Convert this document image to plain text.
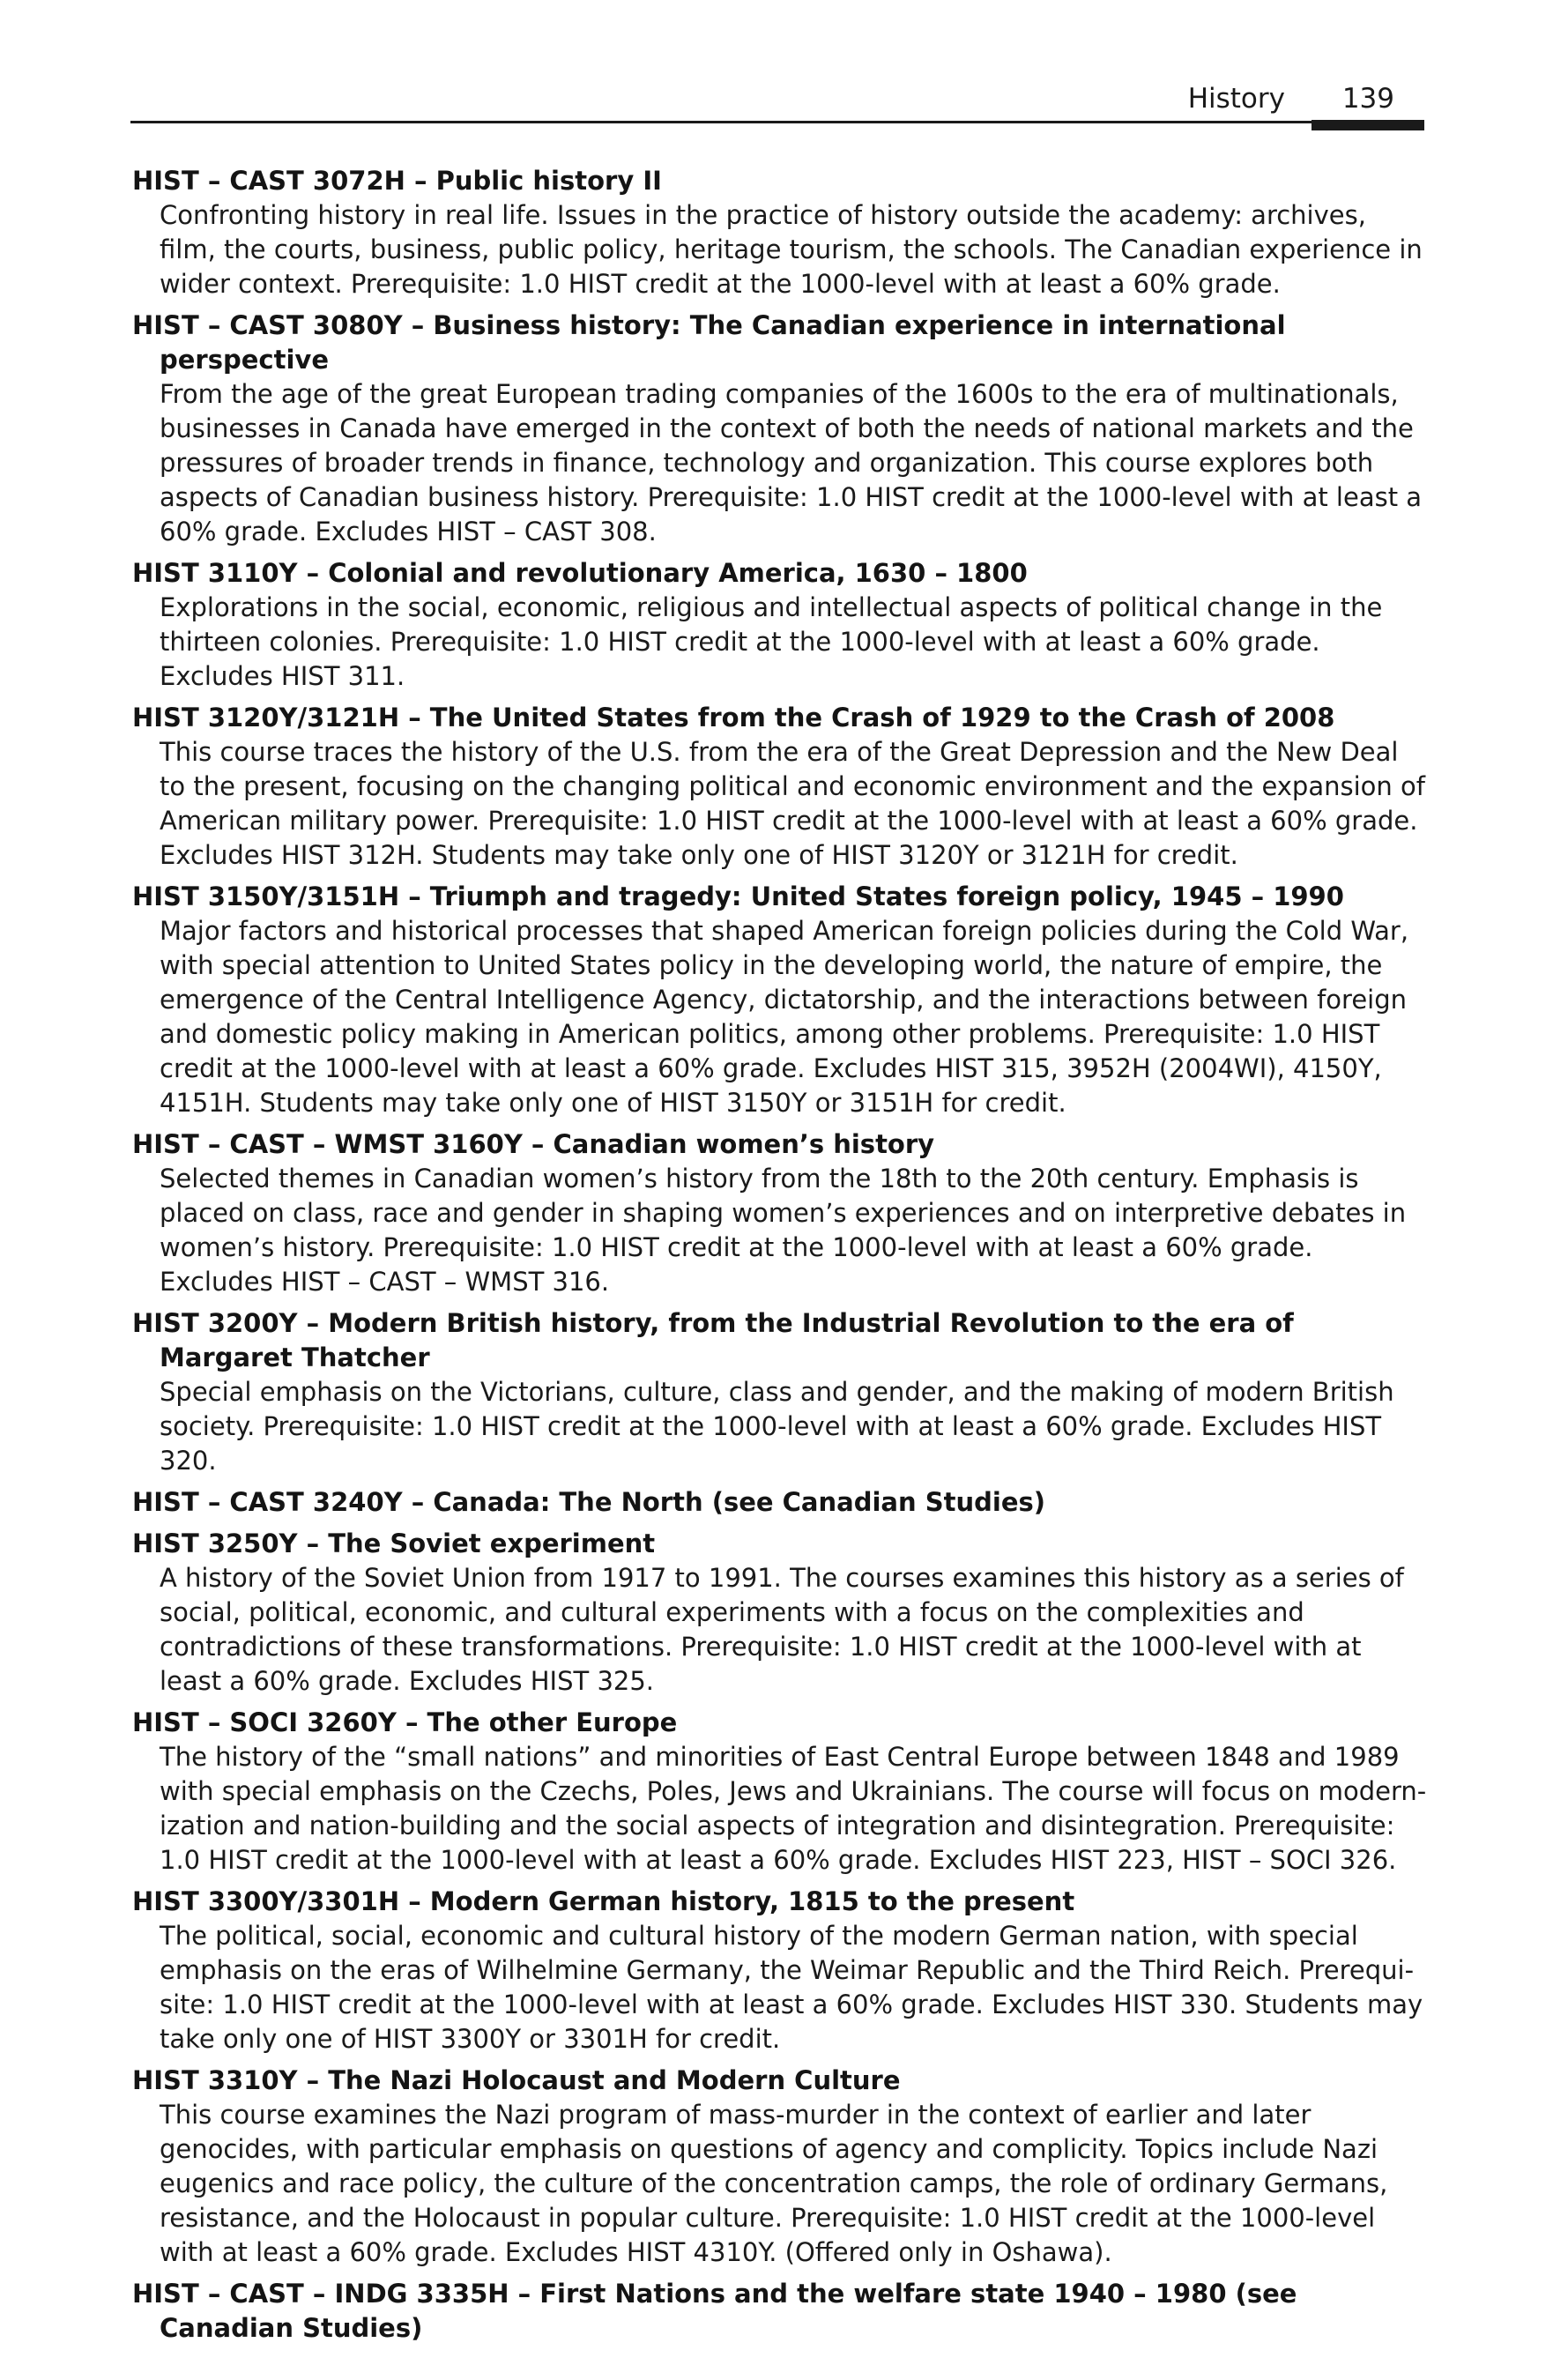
History 139
HIST – CAST 3072H – Public history II

Confronting history in real life. Issues in the practice of history outside the academy: archives, film, the courts, business, public policy, heritage tourism, the schools. The Canadian experience in wider context. Prerequisite: 1.0 HIST credit at the 1000-level with at least a 60% grade.

HIST – CAST 3080Y – Business history: The Canadian experience in international perspective

From the age of the great European trading companies of the 1600s to the era of multinationals, businesses in Canada have emerged in the context of both the needs of national markets and the pressures of broader trends in finance, technology and organization. This course explores both aspects of Canadian business history. Prerequisite: 1.0 HIST credit at the 1000-level with at least a 60% grade. Excludes HIST – CAST 308.

HIST 3110Y – Colonial and revolutionary America, 1630 – 1800

Explorations in the social, economic, religious and intellectual aspects of political change in the thirteen colonies. Prerequisite: 1.0 HIST credit at the 1000-level with at least a 60% grade. Excludes HIST 311.

HIST 3120Y/3121H – The United States from the Crash of 1929 to the Crash of 2008

This course traces the history of the U.S. from the era of the Great Depression and the New Deal to the present, focusing on the changing political and economic environment and the expansion of American military power. Prerequisite: 1.0 HIST credit at the 1000-level with at least a 60% grade. Excludes HIST 312H. Students may take only one of HIST 3120Y or 3121H for credit.

HIST 3150Y/3151H – Triumph and tragedy: United States foreign policy, 1945 – 1990

Major factors and historical processes that shaped American foreign policies during the Cold War, with special attention to United States policy in the developing world, the nature of empire, the emergence of the Central Intelligence Agency, dictatorship, and the interactions between foreign and domestic policy making in American politics, among other problems. Prerequisite: 1.0 HIST credit at the 1000-level with at least a 60% grade. Excludes HIST 315, 3952H (2004WI), 4150Y, 4151H. Students may take only one of HIST 3150Y or 3151H for credit.

HIST – CAST – WMST 3160Y – Canadian women’s history

Selected themes in Canadian women’s history from the 18th to the 20th century. Emphasis is placed on class, race and gender in shaping women’s experiences and on interpretive debates in women’s history. Prerequisite: 1.0 HIST credit at the 1000-level with at least a 60% grade. Excludes HIST – CAST – WMST 316.

HIST 3200Y – Modern British history, from the Industrial Revolution to the era of Margaret Thatcher

Special emphasis on the Victorians, culture, class and gender, and the making of modern British society. Prerequisite: 1.0 HIST credit at the 1000-level with at least a 60% grade. Excludes HIST 320.

HIST – CAST 3240Y – Canada: The North (see Canadian Studies)
HIST 3250Y – The Soviet experiment

A history of the Soviet Union from 1917 to 1991. The courses examines this history as a series of social, political, economic, and cultural experiments with a focus on the complexities and contradictions of these transformations. Prerequisite: 1.0 HIST credit at the 1000-level with at least a 60% grade. Excludes HIST 325.

HIST – SOCI 3260Y – The other Europe

The history of the “small nations” and minorities of East Central Europe between 1848 and 1989 with special emphasis on the Czechs, Poles, Jews and Ukrainians. The course will focus on modernization and nation-building and the social aspects of integration and disintegration. Prerequisite: 1.0 HIST credit at the 1000-level with at least a 60% grade. Excludes HIST 223, HIST – SOCI 326.

HIST 3300Y/3301H – Modern German history, 1815 to the present

The political, social, economic and cultural history of the modern German nation, with special emphasis on the eras of Wilhelmine Germany, the Weimar Republic and the Third Reich. Prerequisite: 1.0 HIST credit at the 1000-level with at least a 60% grade. Excludes HIST 330. Students may take only one of HIST 3300Y or 3301H for credit.

HIST 3310Y – The Nazi Holocaust and Modern Culture

This course examines the Nazi program of mass-murder in the context of earlier and later genocides, with particular emphasis on questions of agency and complicity. Topics include Nazi eugenics and race policy, the culture of the concentration camps, the role of ordinary Germans, resistance, and the Holocaust in popular culture. Prerequisite: 1.0 HIST credit at the 1000-level with at least a 60% grade. Excludes HIST 4310Y. (Offered only in Oshawa).

HIST – CAST – INDG 3335H – First Nations and the welfare state 1940 – 1980 (see Canadian Studies)
